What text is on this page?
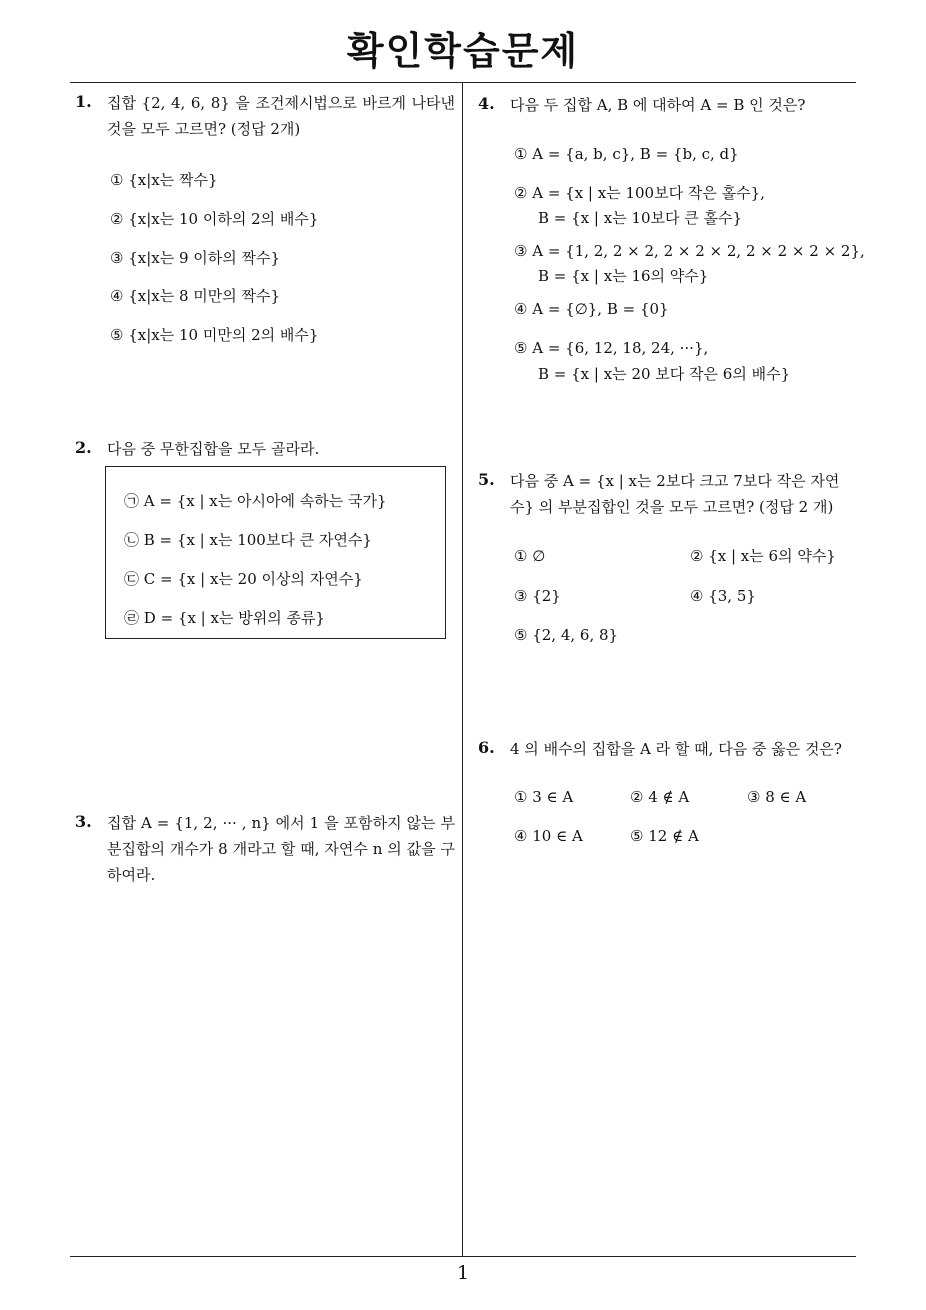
확인학습문제
1
1. 집합 {2, 4, 6, 8} 을 조건제시법으로 바르게 나타낸 것을 모두 고르면? (정답 2개)
① {x|x는 짝수}
② {x|x는 10 이하의 2의 배수}
③ {x|x는 9 이하의 짝수}
④ {x|x는 8 미만의 짝수}
⑤ {x|x는 10 미만의 2의 배수}
2. 다음 중 무한집합을 모두 골라라.
㉠ A = {x | x는 아시아에 속하는 국가}
㉡ B = {x | x는 100보다 큰 자연수}
㉢ C = {x | x는 20 이상의 자연수}
㉣ D = {x | x는 방위의 종류}
3. 집합 A = {1, 2, ··· , n} 에서 1 을 포함하지 않는 부분집합의 개수가 8 개라고 할 때, 자연수 n 의 값을 구하여라.
4. 다음 두 집합 A, B 에 대하여 A = B 인 것은?
① A = {a, b, c}, B = {b, c, d}
② A = {x | x는 100보다 작은 홀수},
B = {x | x는 10보다 큰 홀수}
③ A = {1, 2, 2 × 2, 2 × 2 × 2, 2 × 2 × 2 × 2},
B = {x | x는 16의 약수}
④ A = {∅}, B = {0}
⑤ A = {6, 12, 18, 24, ···},
B = {x | x는 20 보다 작은 6의 배수}
5. 다음 중 A = {x | x는 2보다 크고 7보다 작은 자연수} 의 부분집합인 것을 모두 고르면? (정답 2 개)
① ∅	② {x | x는 6의 약수}
③ {2}	④ {3, 5}
⑤ {2, 4, 6, 8}
6. 4 의 배수의 집합을 A 라 할 때, 다음 중 옳은 것은?
① 3 ∈ A	② 4 ∉ A	③ 8 ∈ A
④ 10 ∈ A	⑤ 12 ∉ A
